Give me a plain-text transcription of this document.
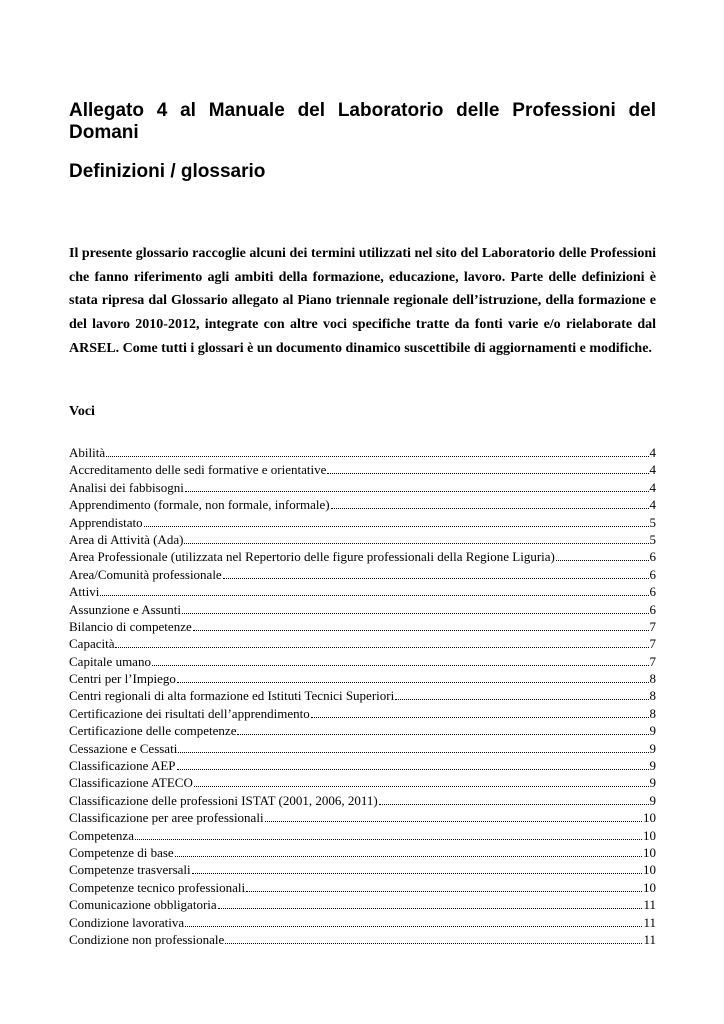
Allegato 4 al Manuale del Laboratorio delle Professioni del Domani
Definizioni / glossario

Il presente glossario raccoglie alcuni dei termini utilizzati nel sito del Laboratorio delle Professioni che fanno riferimento agli ambiti della formazione, educazione, lavoro. Parte delle definizioni è stata ripresa dal Glossario allegato al Piano triennale regionale dell’istruzione, della formazione e del lavoro 2010-2012, integrate con altre voci specifiche tratte da fonti varie e/o rielaborate dal ARSEL. Come tutti i glossari è un documento dinamico suscettibile di aggiornamenti e modifiche.

Voci

Abilità	4
Accreditamento delle sedi formative e orientative	4
Analisi dei fabbisogni	4
Apprendimento (formale, non formale, informale)	4
Apprendistato	5
Area di Attività (Ada)	5
Area Professionale (utilizzata nel Repertorio delle figure professionali della Regione Liguria)	6
Area/Comunità professionale	6
Attivi	6
Assunzione e Assunti	6
Bilancio di competenze	7
Capacità	7
Capitale umano	7
Centri per l’Impiego	8
Centri regionali di alta formazione ed Istituti Tecnici Superiori	8
Certificazione dei risultati dell’apprendimento	8
Certificazione delle competenze	9
Cessazione e Cessati	9
Classificazione AEP	9
Classificazione ATECO	9
Classificazione delle professioni ISTAT (2001, 2006, 2011)	9
Classificazione per aree professionali	10
Competenza	10
Competenze di base	10
Competenze trasversali	10
Competenze tecnico professionali	10
Comunicazione obbligatoria	11
Condizione lavorativa	11
Condizione non professionale	11
